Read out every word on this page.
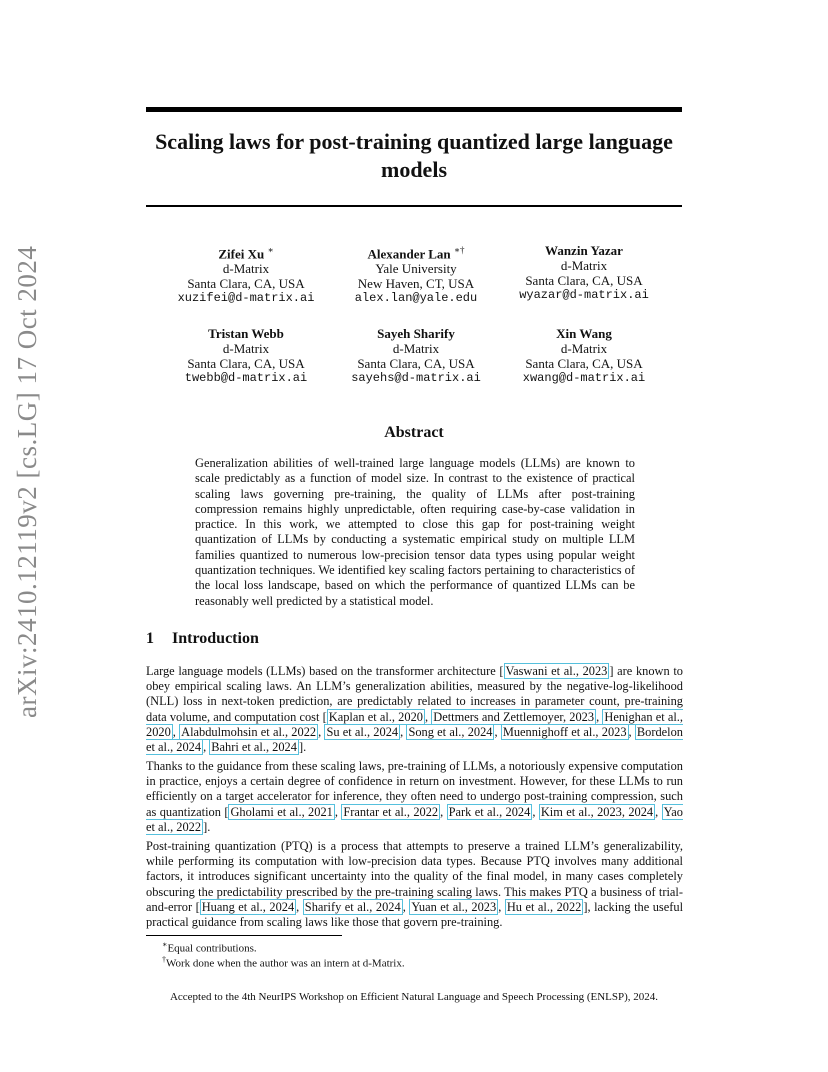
arXiv:2410.12119v2 [cs.LG] 17 Oct 2024
Scaling laws for post-training quantized large language models
Zifei Xu ∗
d-Matrix
Santa Clara, CA, USA
xuzifei@d-matrix.ai
Alexander Lan ∗†
Yale University
New Haven, CT, USA
alex.lan@yale.edu
Wanzin Yazar
d-Matrix
Santa Clara, CA, USA
wyazar@d-matrix.ai
Tristan Webb
d-Matrix
Santa Clara, CA, USA
twebb@d-matrix.ai
Sayeh Sharify
d-Matrix
Santa Clara, CA, USA
sayehs@d-matrix.ai
Xin Wang
d-Matrix
Santa Clara, CA, USA
xwang@d-matrix.ai
Abstract
Generalization abilities of well-trained large language models (LLMs) are known to scale predictably as a function of model size. In contrast to the existence of practical scaling laws governing pre-training, the quality of LLMs after post-training compression remains highly unpredictable, often requiring case-by-case validation in practice. In this work, we attempted to close this gap for post-training weight quantization of LLMs by conducting a systematic empirical study on multiple LLM families quantized to numerous low-precision tensor data types using popular weight quantization techniques. We identified key scaling factors pertaining to characteristics of the local loss landscape, based on which the performance of quantized LLMs can be reasonably well predicted by a statistical model.
1 Introduction
Large language models (LLMs) based on the transformer architecture [ Vaswani et al., 2023 ] are known to obey empirical scaling laws. An LLM’s generalization abilities, measured by the negative-log-likelihood (NLL) loss in next-token prediction, are predictably related to increases in parameter count, pre-training data volume, and computation cost [ Kaplan et al., 2020 , Dettmers and Zettlemoyer, 2023 , Henighan et al., 2020 , Alabdulmohsin et al., 2022 , Su et al., 2024 , Song et al., 2024 , Muennighoff et al., 2023 , Bordelon et al., 2024 , Bahri et al., 2024 ].
Thanks to the guidance from these scaling laws, pre-training of LLMs, a notoriously expensive computation in practice, enjoys a certain degree of confidence in return on investment. However, for these LLMs to run efficiently on a target accelerator for inference, they often need to undergo post-training compression, such as quantization [ Gholami et al., 2021 , Frantar et al., 2022 , Park et al., 2024 , Kim et al., 2023, 2024 , Yao et al., 2022 ].
Post-training quantization (PTQ) is a process that attempts to preserve a trained LLM’s generalizability, while performing its computation with low-precision data types. Because PTQ involves many additional factors, it introduces significant uncertainty into the quality of the final model, in many cases completely obscuring the predictability prescribed by the pre-training scaling laws. This makes PTQ a business of trial-and-error [ Huang et al., 2024 , Sharify et al., 2024 , Yuan et al., 2023 , Hu et al., 2022 ], lacking the useful practical guidance from scaling laws like those that govern pre-training.
∗Equal contributions.
†Work done when the author was an intern at d-Matrix.
Accepted to the 4th NeurIPS Workshop on Efficient Natural Language and Speech Processing (ENLSP), 2024.
